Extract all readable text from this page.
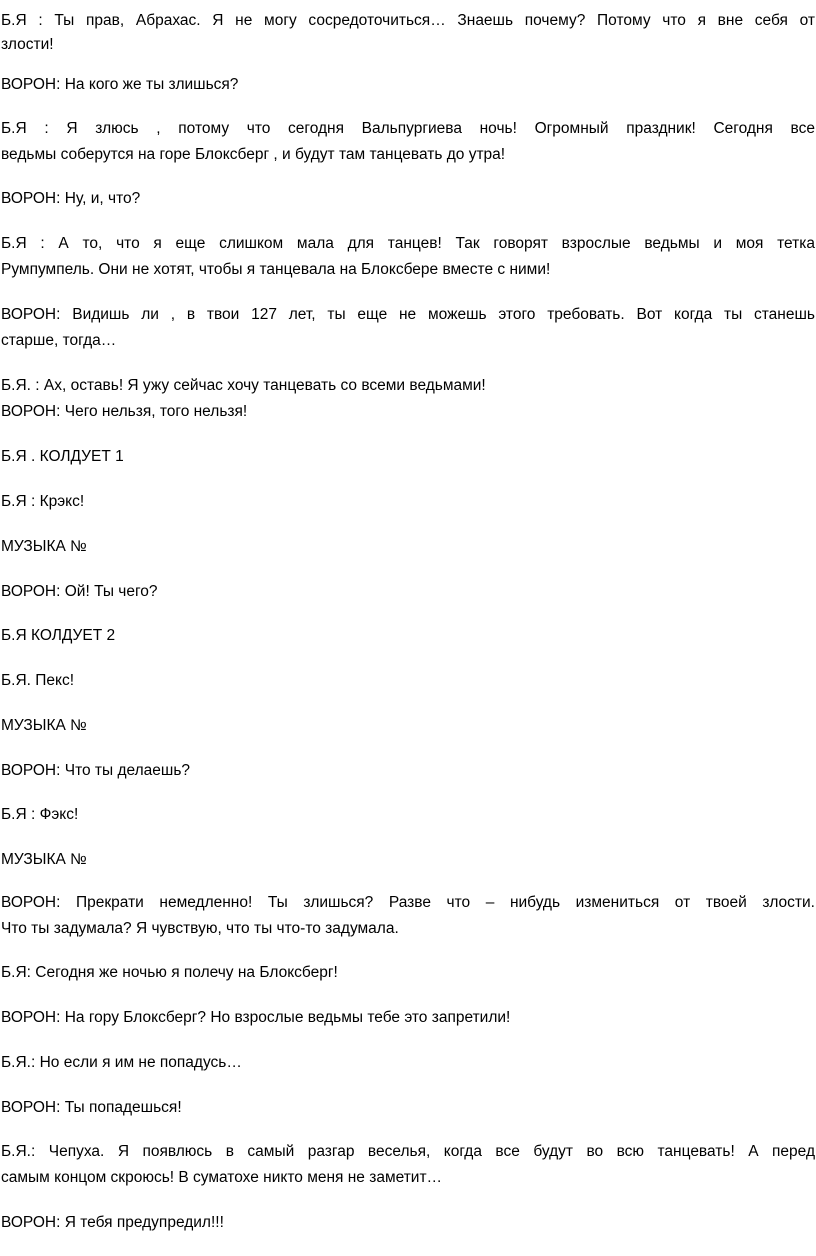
Б.Я : Ты прав, Абрахас. Я не могу сосредоточиться… Знаешь почему? Потому что я вне себя от
злости!
ВОРОН: На кого же ты злишься?
Б.Я : Я злюсь , потому что сегодня Вальпургиева ночь! Огромный праздник! Сегодня все
ведьмы соберутся на горе Блоксберг , и будут там танцевать до утра!
ВОРОН: Ну, и, что?
Б.Я : А то, что я еще слишком мала для танцев! Так говорят взрослые ведьмы и моя тетка
Румпумпель. Они не хотят, чтобы я танцевала на Блоксбере вместе с ними!
ВОРОН: Видишь ли , в твои 127 лет, ты еще не можешь этого требовать. Вот когда ты станешь
старше, тогда…
Б.Я. : Ах, оставь! Я ужу сейчас хочу танцевать со всеми ведьмами!
ВОРОН: Чего нельзя, того нельзя!
Б.Я . КОЛДУЕТ 1
Б.Я : Крэкс!
МУЗЫКА №
ВОРОН: Ой! Ты чего?
Б.Я КОЛДУЕТ 2
Б.Я. Пекс!
МУЗЫКА №
ВОРОН: Что ты делаешь?
Б.Я : Фэкс!
МУЗЫКА №
ВОРОН: Прекрати немедленно! Ты злишься? Разве что – нибудь измениться от твоей злости.
Что ты задумала? Я чувствую, что ты что-то задумала.
Б.Я: Сегодня же ночью я полечу на Блоксберг!
ВОРОН: На гору Блоксберг? Но взрослые ведьмы тебе это запретили!
Б.Я.: Но если я им не попадусь…
ВОРОН: Ты попадешься!
Б.Я.: Чепуха. Я появлюсь в самый разгар веселья, когда все будут во всю танцевать! А перед
самым концом скроюсь! В суматохе никто меня не заметит…
ВОРОН: Я тебя предупредил!!!
